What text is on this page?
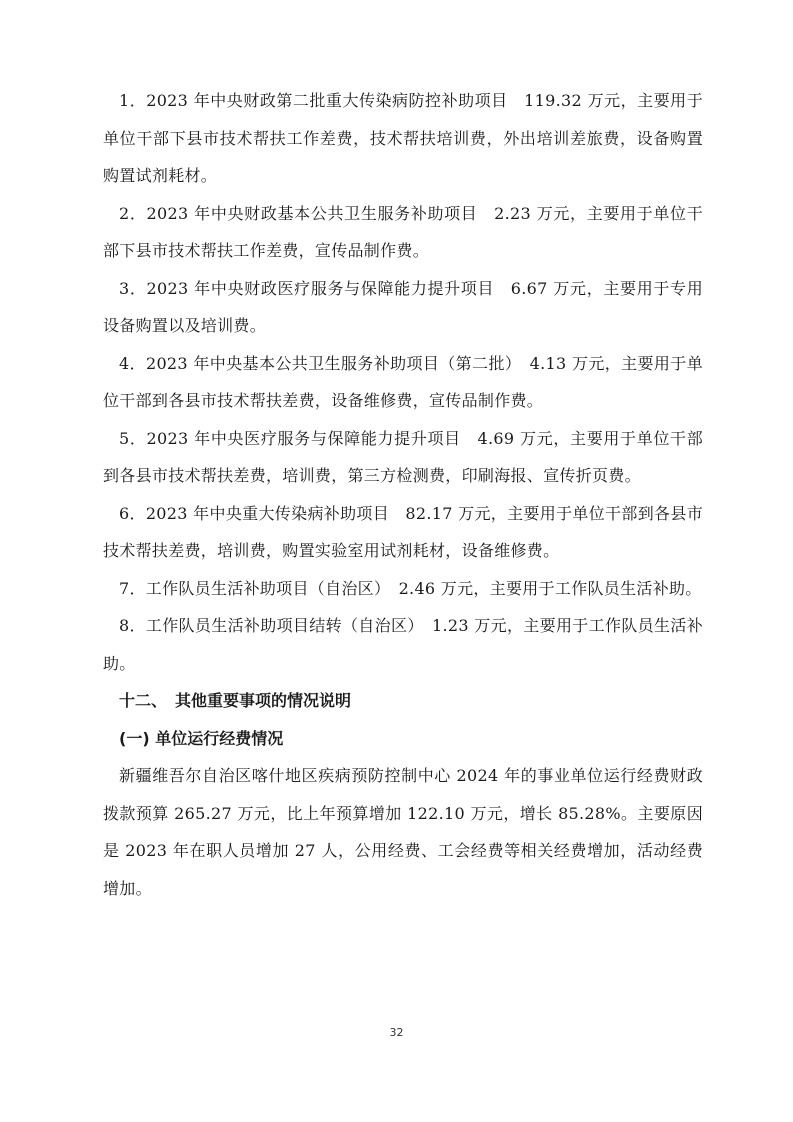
1．2023 年中央财政第二批重大传染病防控补助项目　119.32 万元，主要用于单位干部下县市技术帮扶工作差费，技术帮扶培训费，外出培训差旅费，设备购置购置试剂耗材。

2．2023 年中央财政基本公共卫生服务补助项目　2.23 万元，主要用于单位干部下县市技术帮扶工作差费，宣传品制作费。

3．2023 年中央财政医疗服务与保障能力提升项目　6.67 万元，主要用于专用设备购置以及培训费。

4．2023 年中央基本公共卫生服务补助项目（第二批）　4.13 万元，主要用于单位干部到各县市技术帮扶差费，设备维修费，宣传品制作费。

5．2023 年中央医疗服务与保障能力提升项目　4.69 万元，主要用于单位干部到各县市技术帮扶差费，培训费，第三方检测费，印刷海报、宣传折页费。

6．2023 年中央重大传染病补助项目　82.17 万元，主要用于单位干部到各县市技术帮扶差费，培训费，购置实验室用试剂耗材，设备维修费。

7．工作队员生活补助项目（自治区）　2.46 万元，主要用于工作队员生活补助。

8．工作队员生活补助项目结转（自治区）　1.23 万元，主要用于工作队员生活补助。

十二、　其他重要事项的情况说明

(一) 单位运行经费情况

新疆维吾尔自治区喀什地区疾病预防控制中心 2024 年的事业单位运行经费财政拨款预算 265.27 万元，比上年预算增加 122.10 万元，增长 85.28%。主要原因是 2023 年在职人员增加 27 人，公用经费、工会经费等相关经费增加，活动经费增加。

32
